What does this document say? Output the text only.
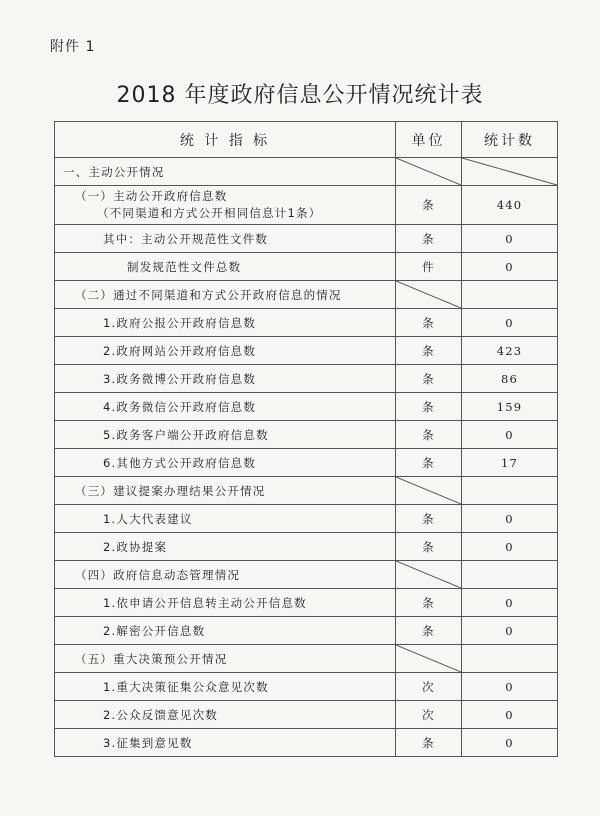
附件 1
2018 年度政府信息公开情况统计表
统 计 指 标	单位	统计数
一、主动公开情况	

（一）主动公开政府信息数
（不同渠道和方式公开相同信息计1条）	条	440
其中：主动公开规范性文件数	条	0
制发规范性文件总数	件	0
（二）通过不同渠道和方式公开政府信息的情况	

1.政府公报公开政府信息数	条	0
2.政府网站公开政府信息数	条	423
3.政务微博公开政府信息数	条	86
4.政务微信公开政府信息数	条	159
5.政务客户端公开政府信息数	条	0
6.其他方式公开政府信息数	条	17
（三）建议提案办理结果公开情况	

1.人大代表建议	条	0
2.政协提案	条	0
（四）政府信息动态管理情况	

1.依申请公开信息转主动公开信息数	条	0
2.解密公开信息数	条	0
（五）重大决策预公开情况	

1.重大决策征集公众意见次数	次	0
2.公众反馈意见次数	次	0
3.征集到意见数	条	0
